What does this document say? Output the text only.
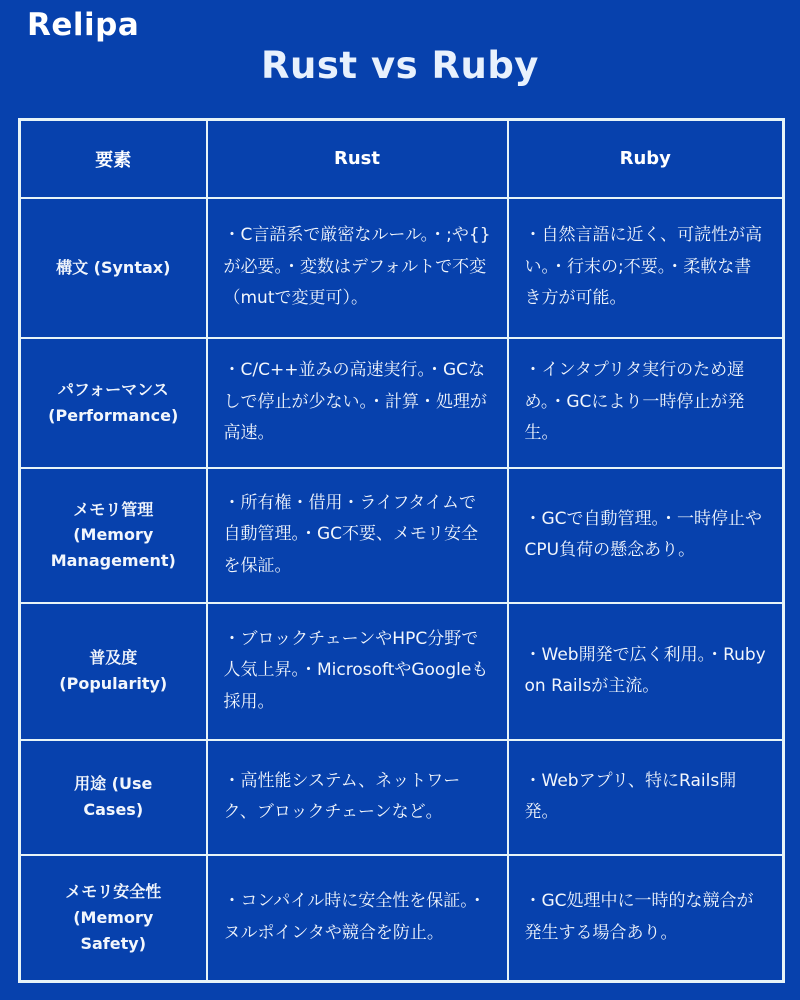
Relipa
Rust vs Ruby
要素	Rust	Ruby
構文 (Syntax)	・C言語系で厳密なルール。・;や{} が必要。・変数はデフォルトで不変（mutで変更可）。	・自然言語に近く、可読性が高い。・行末の;不要。・柔軟な書き方が可能。
パフォーマンス (Performance)	・C/C++並みの高速実行。・GCなしで停止が少ない。・計算・処理が高速。	・インタプリタ実行のため遅め。・GCにより一時停止が発生。
メモリ管理 (Memory Management)	・所有権・借用・ライフタイムで自動管理。・GC不要、メモリ安全を保証。	・GCで自動管理。・一時停止やCPU負荷の懸念あり。
普及度 (Popularity)	・ブロックチェーンやHPC分野で人気上昇。・MicrosoftやGoogleも採用。	・Web開発で広く利用。・Ruby on Railsが主流。
用途 (Use Cases)	・高性能システム、ネットワーク、ブロックチェーンなど。	・Webアプリ、特にRails開発。
メモリ安全性 (Memory Safety)	・コンパイル時に安全性を保証。・ヌルポインタや競合を防止。	・GC処理中に一時的な競合が発生する場合あり。
